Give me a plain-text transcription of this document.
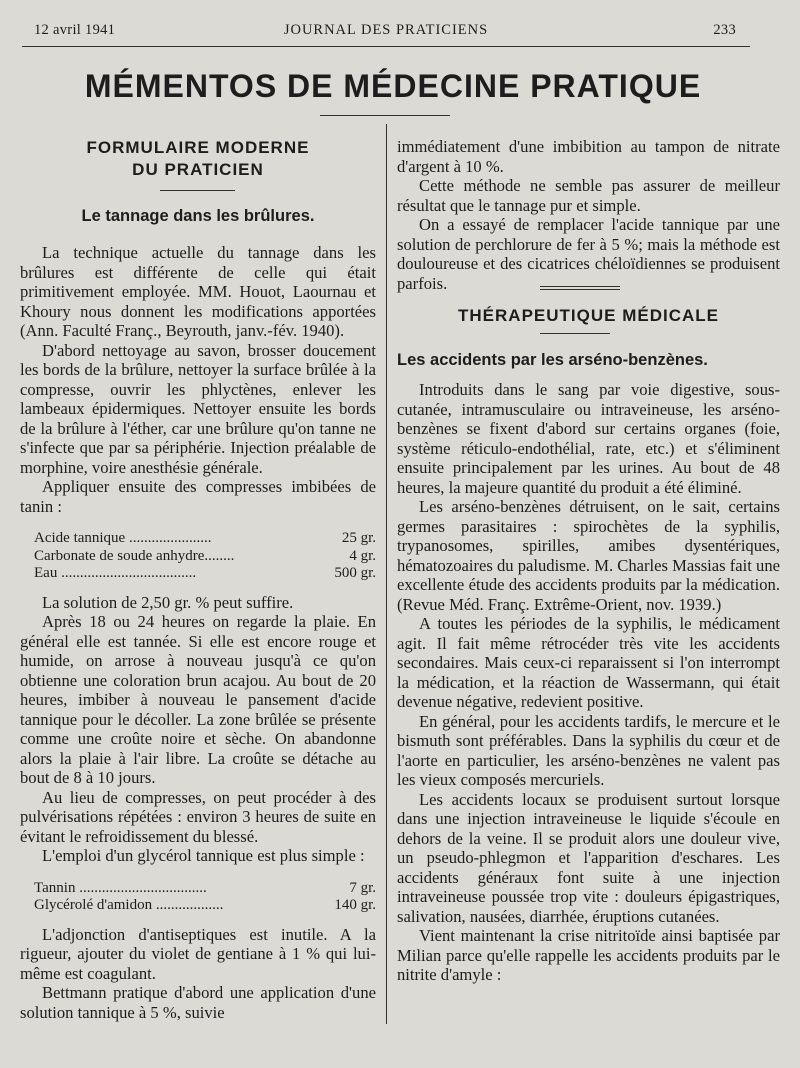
12 avril 1941	JOURNAL DES PRATICIENS	233
MÉMENTOS DE MÉDECINE PRATIQUE
FORMULAIRE MODERNE
DU PRATICIEN
Le tannage dans les brûlures.

La technique actuelle du tannage dans les brûlures est différente de celle qui était primitivement employée. MM. Houot, Laournau et Khoury nous donnent les modifications apportées (Ann. Faculté Franç., Beyrouth, janv.-fév. 1940).

D'abord nettoyage au savon, brosser doucement les bords de la brûlure, nettoyer la surface brûlée à la compresse, ouvrir les phlyctènes, enlever les lambeaux épidermiques. Nettoyer ensuite les bords de la brûlure à l'éther, car une brûlure qu'on tanne ne s'infecte que par sa périphérie. Injection préalable de morphine, voire anesthésie générale.

Appliquer ensuite des compresses imbibées de tanin :

Acide tannique ......................	25 gr.
Carbonate de soude anhydre........	4 gr.
Eau ....................................	500 gr.

La solution de 2,50 gr. % peut suffire.

Après 18 ou 24 heures on regarde la plaie. En général elle est tannée. Si elle est encore rouge et humide, on arrose à nouveau jusqu'à ce qu'on obtienne une coloration brun acajou. Au bout de 20 heures, imbiber à nouveau le pansement d'acide tannique pour le décoller. La zone brûlée se présente comme une croûte noire et sèche. On abandonne alors la plaie à l'air libre. La croûte se détache au bout de 8 à 10 jours.

Au lieu de compresses, on peut procéder à des pulvérisations répétées : environ 3 heures de suite en évitant le refroidissement du blessé.

L'emploi d'un glycérol tannique est plus simple :

Tannin ..................................	7 gr.
Glycérolé d'amidon ..................	140 gr.

L'adjonction d'antiseptiques est inutile. A la rigueur, ajouter du violet de gentiane à 1 % qui lui-même est coagulant.

Bettmann pratique d'abord une application d'une solution tannique à 5 %, suivie

immédiatement d'une imbibition au tampon de nitrate d'argent à 10 %.

Cette méthode ne semble pas assurer de meilleur résultat que le tannage pur et simple.

On a essayé de remplacer l'acide tannique par une solution de perchlorure de fer à 5 %; mais la méthode est douloureuse et des cicatrices chéloïdiennes se produisent parfois.

THÉRAPEUTIQUE MÉDICALE
Les accidents par les arséno-benzènes.

Introduits dans le sang par voie digestive, sous-cutanée, intramusculaire ou intraveineuse, les arséno-benzènes se fixent d'abord sur certains organes (foie, système réticulo-endothélial, rate, etc.) et s'éliminent ensuite principalement par les urines. Au bout de 48 heures, la majeure quantité du produit a été éliminé.

Les arséno-benzènes détruisent, on le sait, certains germes parasitaires : spirochètes de la syphilis, trypanosomes, spirilles, amibes dysentériques, hématozoaires du paludisme. M. Charles Massias fait une excellente étude des accidents produits par la médication. (Revue Méd. Franç. Extrême-Orient, nov. 1939.)

A toutes les périodes de la syphilis, le médicament agit. Il fait même rétrocéder très vite les accidents secondaires. Mais ceux-ci reparaissent si l'on interrompt la médication, et la réaction de Wassermann, qui était devenue négative, redevient positive.

En général, pour les accidents tardifs, le mercure et le bismuth sont préférables. Dans la syphilis du cœur et de l'aorte en particulier, les arséno-benzènes ne valent pas les vieux composés mercuriels.

Les accidents locaux se produisent surtout lorsque dans une injection intraveineuse le liquide s'écoule en dehors de la veine. Il se produit alors une douleur vive, un pseudo-phlegmon et l'apparition d'eschares. Les accidents généraux font suite à une injection intraveineuse poussée trop vite : douleurs épigastriques, salivation, nausées, diarrhée, éruptions cutanées.

Vient maintenant la crise nitritoïde ainsi baptisée par Milian parce qu'elle rappelle les accidents produits par le nitrite d'amyle :
